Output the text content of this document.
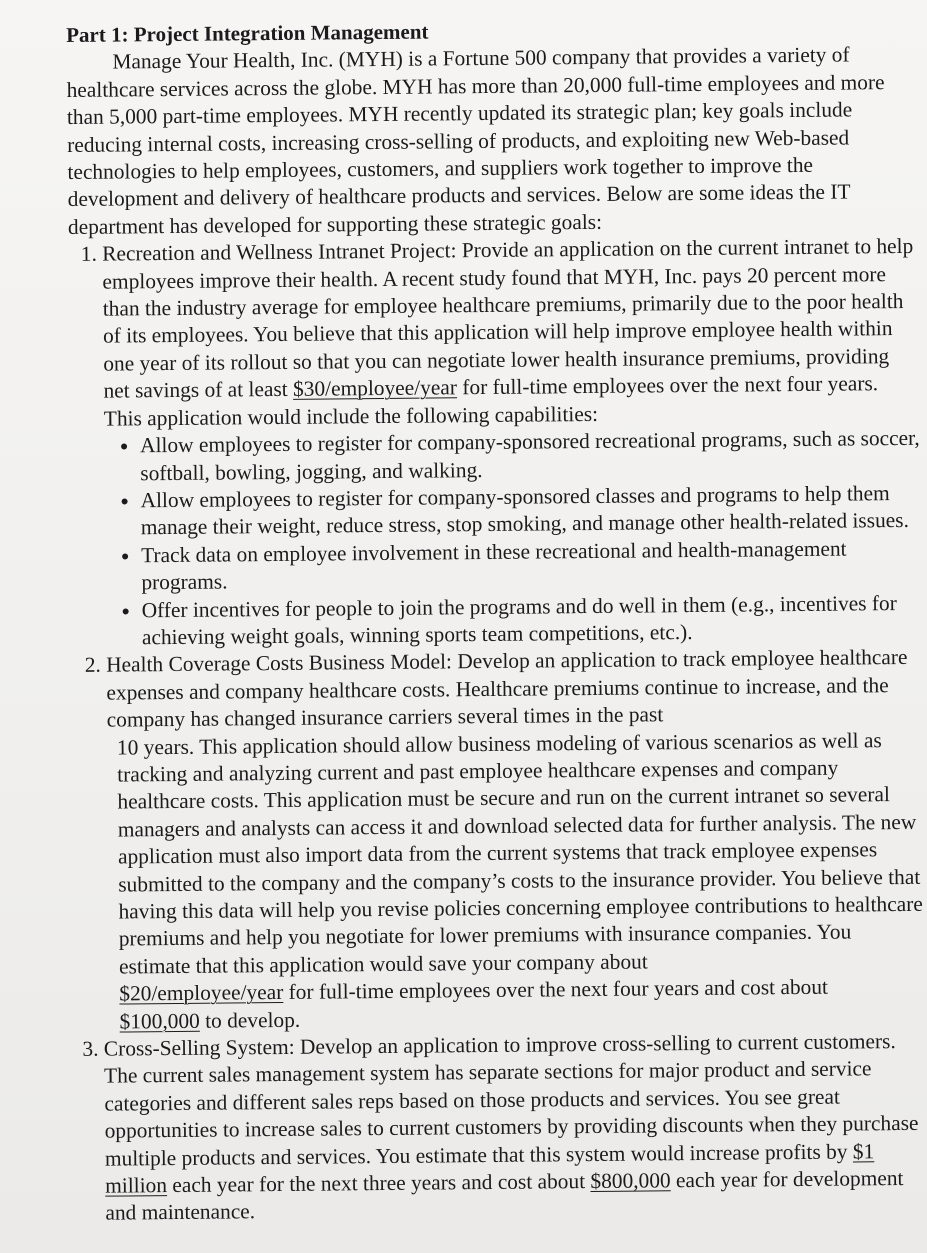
Part 1: Project Integration Management

Manage Your Health, Inc. (MYH) is a Fortune 500 company that provides a variety of healthcare services across the globe. MYH has more than 20,000 full-time employees and more than 5,000 part-time employees. MYH recently updated its strategic plan; key goals include reducing internal costs, increasing cross-selling of products, and exploiting new Web-based technologies to help employees, customers, and suppliers work together to improve the development and delivery of healthcare products and services. Below are some ideas the IT department has developed for supporting these strategic goals:

1. Recreation and Wellness Intranet Project: Provide an application on the current intranet to help employees improve their health. A recent study found that MYH, Inc. pays 20 percent more than the industry average for employee healthcare premiums, primarily due to the poor health of its employees. You believe that this application will help improve employee health within one year of its rollout so that you can negotiate lower health insurance premiums, providing net savings of at least $30/employee/year for full-time employees over the next four years. This application would include the following capabilities:
• Allow employees to register for company-sponsored recreational programs, such as soccer, softball, bowling, jogging, and walking.
• Allow employees to register for company-sponsored classes and programs to help them manage their weight, reduce stress, stop smoking, and manage other health-related issues.
• Track data on employee involvement in these recreational and health-management programs.
• Offer incentives for people to join the programs and do well in them (e.g., incentives for achieving weight goals, winning sports team competitions, etc.).
2. Health Coverage Costs Business Model: Develop an application to track employee healthcare expenses and company healthcare costs. Healthcare premiums continue to increase, and the company has changed insurance carriers several times in the past
10 years. This application should allow business modeling of various scenarios as well as tracking and analyzing current and past employee healthcare expenses and company healthcare costs. This application must be secure and run on the current intranet so several managers and analysts can access it and download selected data for further analysis. The new application must also import data from the current systems that track employee expenses submitted to the company and the company’s costs to the insurance provider. You believe that having this data will help you revise policies concerning employee contributions to healthcare premiums and help you negotiate for lower premiums with insurance companies. You estimate that this application would save your company about
$20/employee/year for full-time employees over the next four years and cost about
$100,000 to develop.
3. Cross-Selling System: Develop an application to improve cross-selling to current customers. The current sales management system has separate sections for major product and service categories and different sales reps based on those products and services. You see great opportunities to increase sales to current customers by providing discounts when they purchase multiple products and services. You estimate that this system would increase profits by $1 million each year for the next three years and cost about $800,000 each year for development and maintenance.
